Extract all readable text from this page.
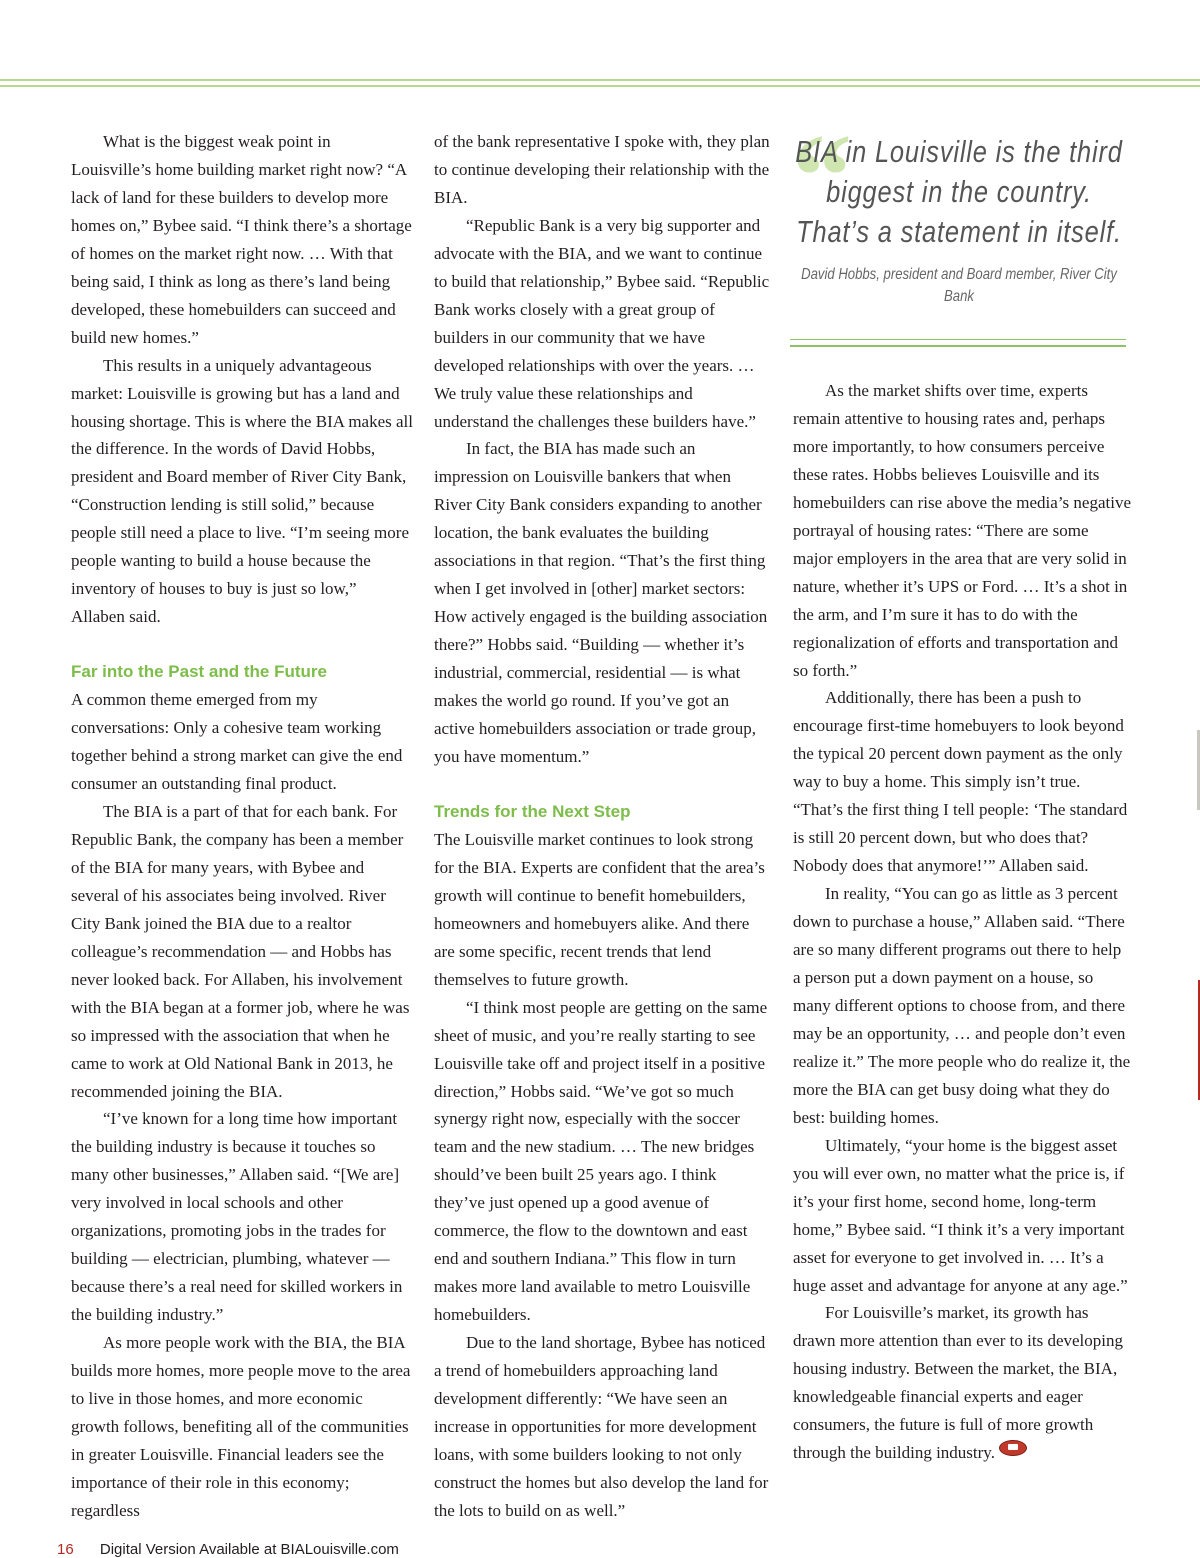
What is the biggest weak point in Louisville’s home building market right now? “A lack of land for these builders to develop more homes on,” Bybee said. “I think there’s a shortage of homes on the market right now. … With that being said, I think as long as there’s land being developed, these homebuilders can succeed and build new homes.”

This results in a uniquely advantageous market: Louisville is growing but has a land and housing shortage. This is where the BIA makes all the difference. In the words of David Hobbs, president and Board member of River City Bank, “Construction lending is still solid,” because people still need a place to live. “I’m seeing more people wanting to build a house because the inventory of houses to buy is just so low,” Allaben said.

Far into the Past and the Future

A common theme emerged from my conversations: Only a cohesive team working together behind a strong market can give the end consumer an outstanding final product.

The BIA is a part of that for each bank. For Republic Bank, the company has been a member of the BIA for many years, with Bybee and several of his associates being involved. River City Bank joined the BIA due to a realtor colleague’s recommendation — and Hobbs has never looked back. For Allaben, his involvement with the BIA began at a former job, where he was so impressed with the association that when he came to work at Old National Bank in 2013, he recommended joining the BIA.

“I’ve known for a long time how important the building industry is because it touches so many other businesses,” Allaben said. “[We are] very involved in local schools and other organizations, promoting jobs in the trades for building — electrician, plumbing, whatever — because there’s a real need for skilled workers in the building industry.”

As more people work with the BIA, the BIA builds more homes, more people move to the area to live in those homes, and more economic growth follows, benefiting all of the communities in greater Louisville. Financial leaders see the importance of their role in this economy; regardless

of the bank representative I spoke with, they plan to continue developing their relationship with the BIA.

“Republic Bank is a very big supporter and advocate with the BIA, and we want to continue to build that relationship,” Bybee said. “Republic Bank works closely with a great group of builders in our community that we have developed relationships with over the years. … We truly value these relationships and understand the challenges these builders have.”

In fact, the BIA has made such an impression on Louisville bankers that when River City Bank considers expanding to another location, the bank evaluates the building associations in that region. “That’s the first thing when I get involved in [other] market sectors: How actively engaged is the building association there?” Hobbs said. “Building — whether it’s industrial, commercial, residential — is what makes the world go round. If you’ve got an active homebuilders association or trade group, you have momentum.”

Trends for the Next Step

The Louisville market continues to look strong for the BIA. Experts are confident that the area’s growth will continue to benefit homebuilders, homeowners and homebuyers alike. And there are some specific, recent trends that lend themselves to future growth.

“I think most people are getting on the same sheet of music, and you’re really starting to see Louisville take off and project itself in a positive direction,” Hobbs said. “We’ve got so much synergy right now, especially with the soccer team and the new stadium. … The new bridges should’ve been built 25 years ago. I think they’ve just opened up a good avenue of commerce, the flow to the downtown and east end and southern Indiana.” This flow in turn makes more land available to metro Louisville homebuilders.

Due to the land shortage, Bybee has noticed a trend of homebuilders approaching land development differently: “We have seen an increase in opportunities for more development loans, with some builders looking to not only construct the homes but also develop the land for the lots to build on as well.”

“
BIA in Louisville is the third biggest in the country. That’s a statement in itself.
David Hobbs, president and Board member, River City Bank

As the market shifts over time, experts remain attentive to housing rates and, perhaps more importantly, to how consumers perceive these rates. Hobbs believes Louisville and its homebuilders can rise above the media’s negative portrayal of housing rates: “There are some major employers in the area that are very solid in nature, whether it’s UPS or Ford. … It’s a shot in the arm, and I’m sure it has to do with the regionalization of efforts and transportation and so forth.”

Additionally, there has been a push to encourage first-time homebuyers to look beyond the typical 20 percent down payment as the only way to buy a home. This simply isn’t true. “That’s the first thing I tell people: ‘The standard is still 20 percent down, but who does that? Nobody does that anymore!’” Allaben said.

In reality, “You can go as little as 3 percent down to purchase a house,” Allaben said. “There are so many different programs out there to help a person put a down payment on a house, so many different options to choose from, and there may be an opportunity, … and people don’t even realize it.” The more people who do realize it, the more the BIA can get busy doing what they do best: building homes.

Ultimately, “your home is the biggest asset you will ever own, no matter what the price is, if it’s your first home, second home, long-term home,” Bybee said. “I think it’s a very important asset for everyone to get involved in. … It’s a huge asset and advantage for anyone at any age.”

For Louisville’s market, its growth has drawn more attention than ever to its developing housing industry. Between the market, the BIA, knowledgeable financial experts and eager consumers, the future is full of more growth through the building industry.

16 Digital Version Available at BIALouisville.com
